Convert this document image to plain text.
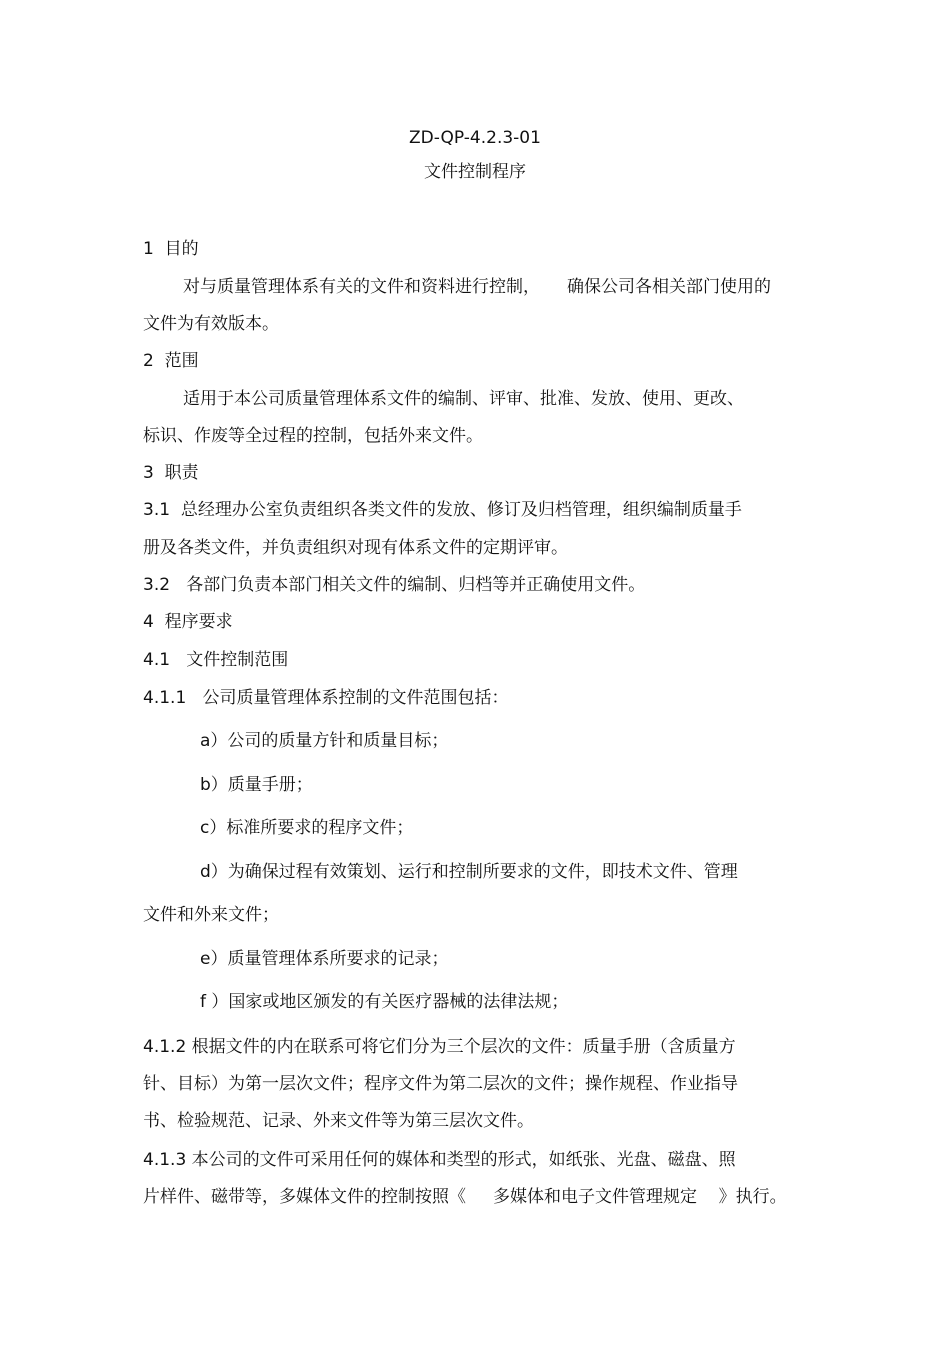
ZD-QP-4.2.3-01
文件控制程序
1  目的
对与质量管理体系有关的文件和资料进行控制，     确保公司各相关部门使用的
文件为有效版本。
2  范围
适用于本公司质量管理体系文件的编制、评审、批准、发放、使用、更改、
标识、作废等全过程的控制，包括外来文件。
3  职责
3.1  总经理办公室负责组织各类文件的发放、修订及归档管理，组织编制质量手
册及各类文件，并负责组织对现有体系文件的定期评审。
3.2   各部门负责本部门相关文件的编制、归档等并正确使用文件。
4  程序要求
4.1   文件控制范围
4.1.1   公司质量管理体系控制的文件范围包括：
a）公司的质量方针和质量目标；
b）质量手册；
c）标准所要求的程序文件；
d）为确保过程有效策划、运行和控制所要求的文件，即技术文件、管理
文件和外来文件；
e）质量管理体系所要求的记录；
f ）国家或地区颁发的有关医疗器械的法律法规；
4.1.2 根据文件的内在联系可将它们分为三个层次的文件：质量手册（含质量方
针、目标）为第一层次文件；程序文件为第二层次的文件；操作规程、作业指导
书、检验规范、记录、外来文件等为第三层次文件。
4.1.3 本公司的文件可采用任何的媒体和类型的形式，如纸张、光盘、磁盘、照
片样件、磁带等，多媒体文件的控制按照《     多媒体和电子文件管理规定    》执行。
